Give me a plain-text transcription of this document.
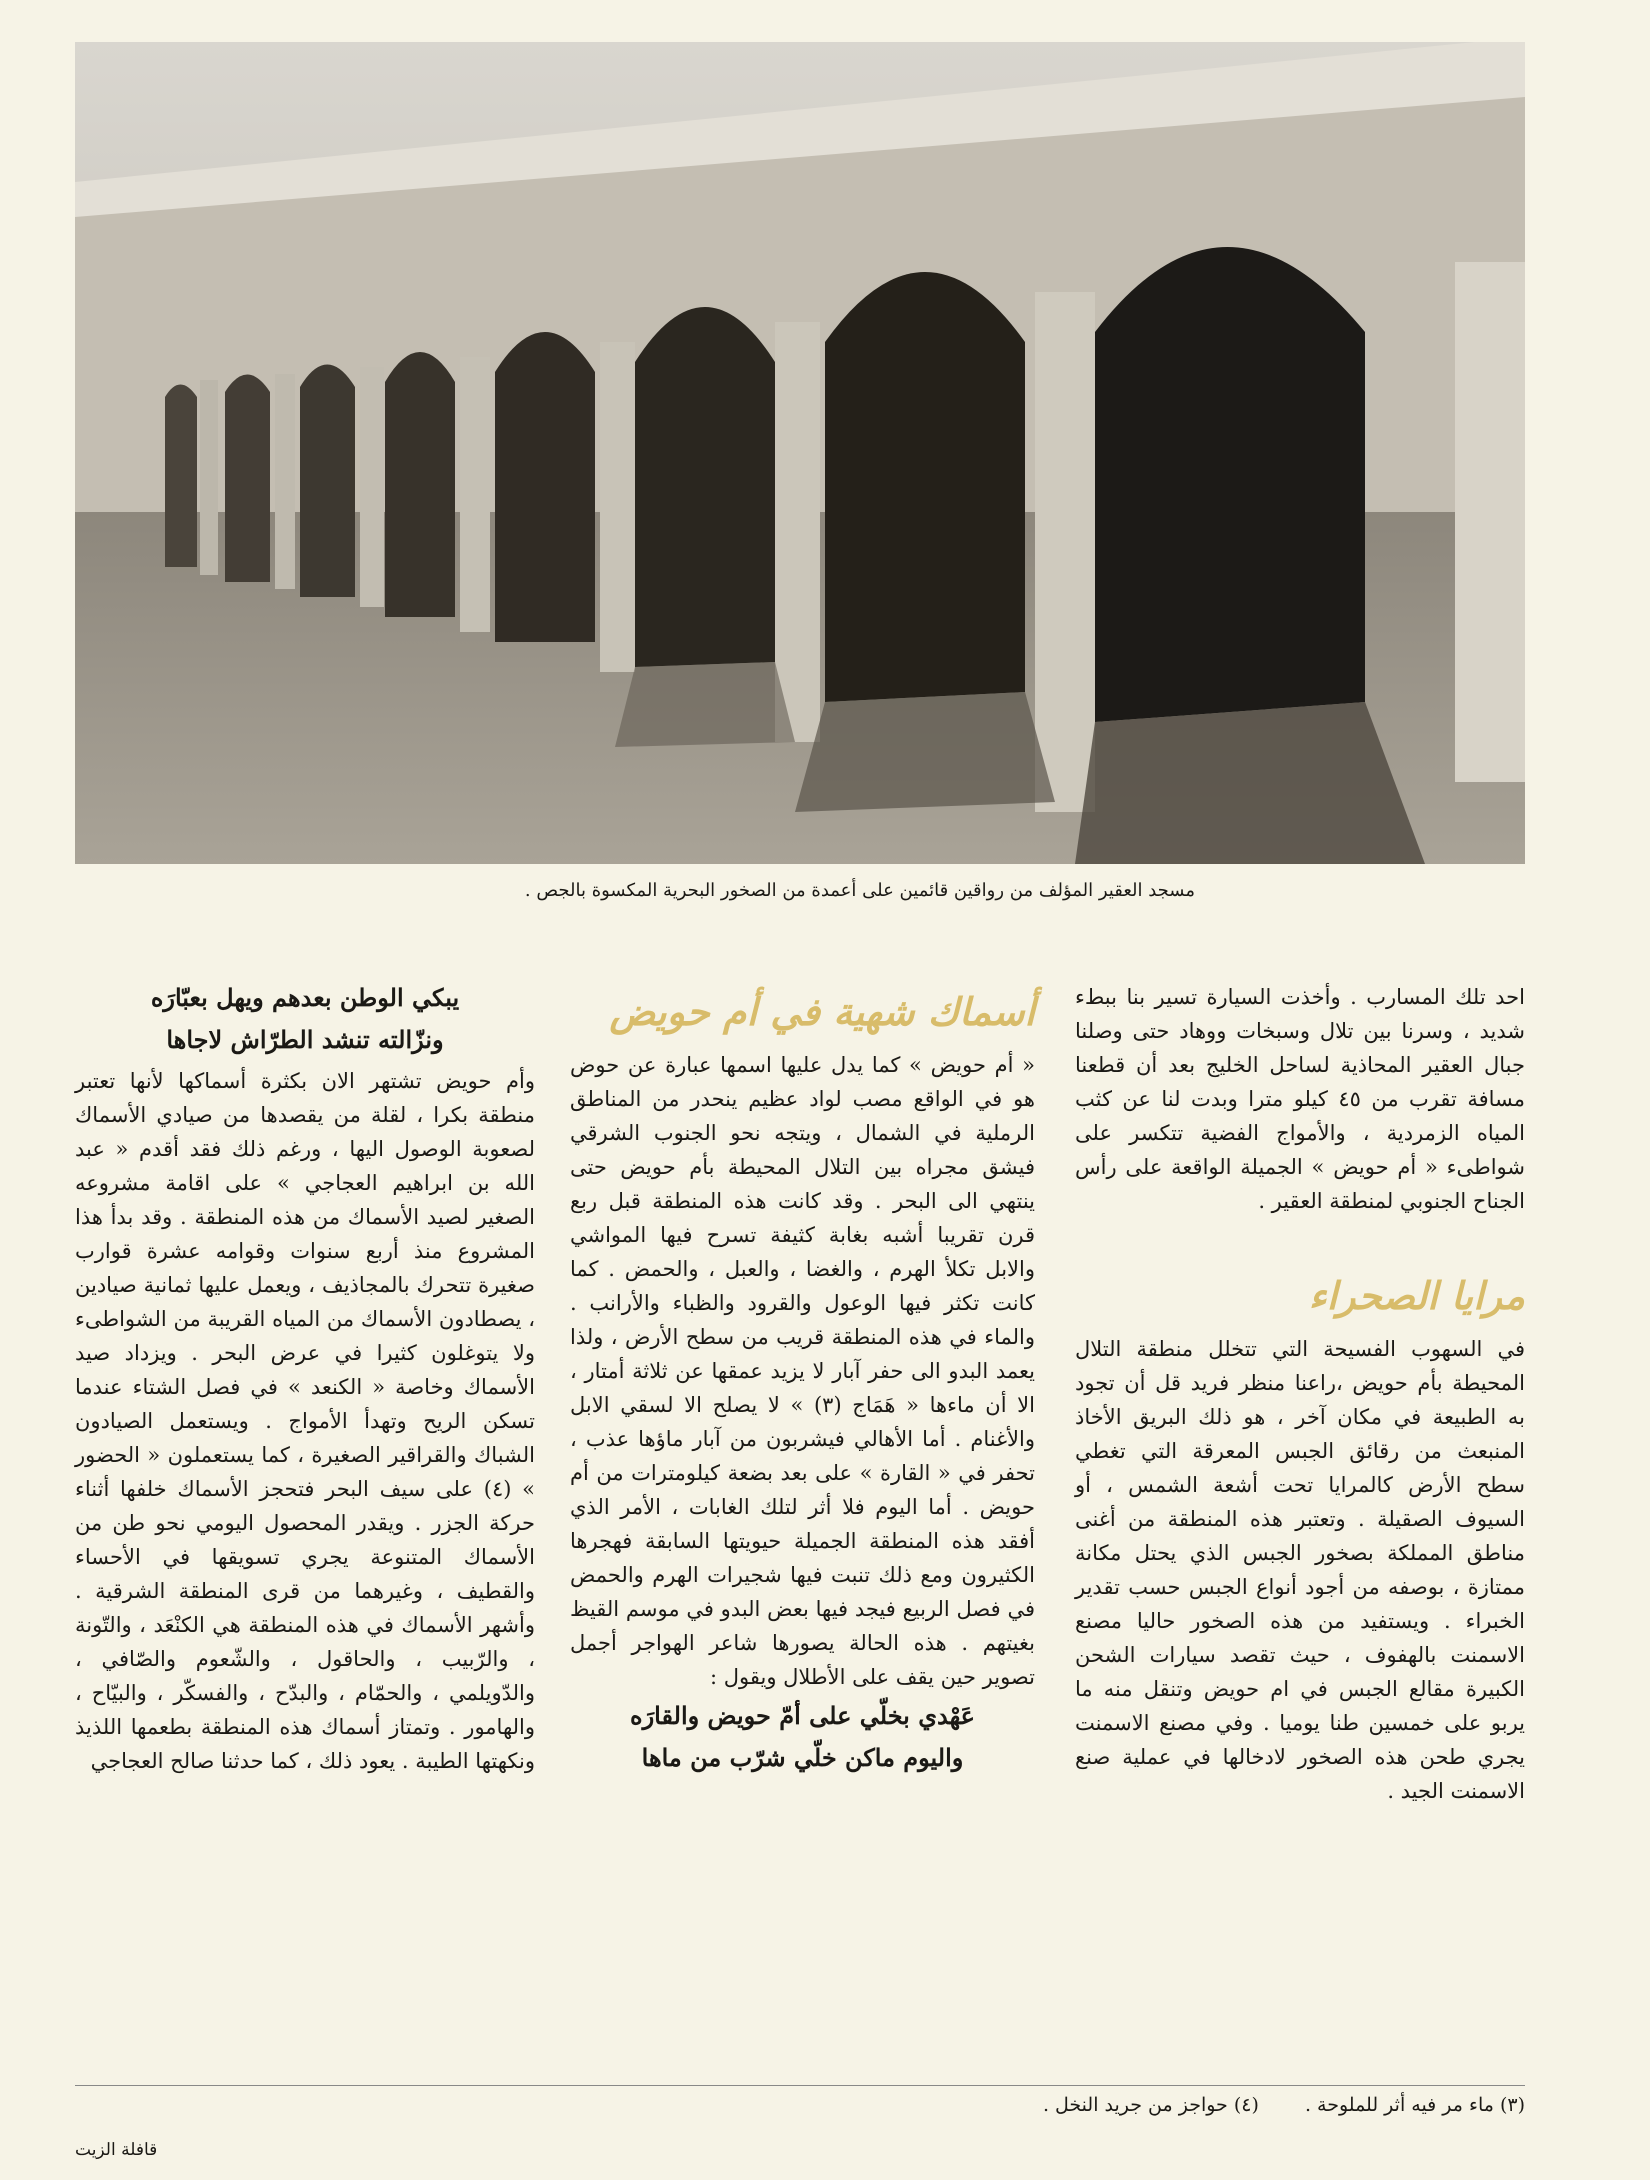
مسجد العقير المؤلف من رواقين قائمين على أعمدة من الصخور البحرية المكسوة بالجص .

احد تلك المسارب . وأخذت السيارة تسير بنا ببطء شديد ، وسرنا بين تلال وسبخات ووهاد حتى وصلنا جبال العقير المحاذية لساحل الخليج بعد أن قطعنا مسافة تقرب من ٤٥ كيلو مترا وبدت لنا عن كثب المياه الزمردية ، والأمواج الفضية تتكسر على شواطىء « أم حويض » الجميلة الواقعة على رأس الجناح الجنوبي لمنطقة العقير .

مرايا الصحراء

في السهوب الفسيحة التي تتخلل منطقة التلال المحيطة بأم حويض ،راعنا منظر فريد قل أن تجود به الطبيعة في مكان آخر ، هو ذلك البريق الأخاذ المنبعث من رقائق الجبس المعرقة التي تغطي سطح الأرض كالمرايا تحت أشعة الشمس ، أو السيوف الصقيلة . وتعتبر هذه المنطقة من أغنى مناطق المملكة بصخور الجبس الذي يحتل مكانة ممتازة ، بوصفه من أجود أنواع الجبس حسب تقدير الخبراء . ويستفيد من هذه الصخور حاليا مصنع الاسمنت بالهفوف ، حيث تقصد سيارات الشحن الكبيرة مقالع الجبس في ام حويض وتنقل منه ما يربو على خمسين طنا يوميا . وفي مصنع الاسمنت يجري طحن هذه الصخور لادخالها في عملية صنع الاسمنت الجيد .

أسماك شهية في أم حويض

« أم حويض » كما يدل عليها اسمها عبارة عن حوض هو في الواقع مصب لواد عظيم ينحدر من المناطق الرملية في الشمال ، ويتجه نحو الجنوب الشرقي فيشق مجراه بين التلال المحيطة بأم حويض حتى ينتهي الى البحر . وقد كانت هذه المنطقة قبل ربع قرن تقريبا أشبه بغابة كثيفة تسرح فيها المواشي والابل تكلأ الهرم ، والغضا ، والعبل ، والحمض . كما كانت تكثر فيها الوعول والقرود والظباء والأرانب . والماء في هذه المنطقة قريب من سطح الأرض ، ولذا يعمد البدو الى حفر آبار لا يزيد عمقها عن ثلاثة أمتار ، الا أن ماءها « هَمَاج (٣) » لا يصلح الا لسقي الابل والأغنام . أما الأهالي فيشربون من آبار ماؤها عذب ، تحفر في « القارة » على بعد بضعة كيلومترات من أم حويض . أما اليوم فلا أثر لتلك الغابات ، الأمر الذي أفقد هذه المنطقة الجميلة حيويتها السابقة فهجرها الكثيرون ومع ذلك تنبت فيها شجيرات الهرم والحمض في فصل الربيع فيجد فيها بعض البدو في موسم القيظ بغيتهم . هذه الحالة يصورها شاعر الهواجر أجمل تصوير حين يقف على الأطلال ويقول :

عَهْدي بخلّي على أمّ حويض والقارَه
واليوم ماكن خلّي شرّب من ماها
يبكي الوطن بعدهم ويهل بعبّارَه
ونزّالته تنشد الطرّاش لاجاها

وأم حويض تشتهر الان بكثرة أسماكها لأنها تعتبر منطقة بكرا ، لقلة من يقصدها من صيادي الأسماك لصعوبة الوصول اليها ، ورغم ذلك فقد أقدم « عبد الله بن ابراهيم العجاجي » على اقامة مشروعه الصغير لصيد الأسماك من هذه المنطقة . وقد بدأ هذا المشروع منذ أربع سنوات وقوامه عشرة قوارب صغيرة تتحرك بالمجاذيف ، ويعمل عليها ثمانية صيادين ، يصطادون الأسماك من المياه القريبة من الشواطىء ولا يتوغلون كثيرا في عرض البحر . ويزداد صيد الأسماك وخاصة « الكنعد » في فصل الشتاء عندما تسكن الريح وتهدأ الأمواج . ويستعمل الصيادون الشباك والقراقير الصغيرة ، كما يستعملون « الحضور » (٤) على سيف البحر فتحجز الأسماك خلفها أثناء حركة الجزر . ويقدر المحصول اليومي نحو طن من الأسماك المتنوعة يجري تسويقها في الأحساء والقطيف ، وغيرهما من قرى المنطقة الشرقية . وأشهر الأسماك في هذه المنطقة هي الكنْعَد ، والتّونة ، والرّبيب ، والحاقول ، والشّعوم والصّافي ، والدّويلمي ، والحمّام ، والبدّح ، والفسكّر ، والبيّاح ، والهامور . وتمتاز أسماك هذه المنطقة بطعمها اللذيذ ونكهتها الطيبة . يعود ذلك ، كما حدثنا صالح العجاجي

(٣) ماء مر فيه أثر للملوحة . (٤) حواجز من جريد النخل .
قافلة الزيت
